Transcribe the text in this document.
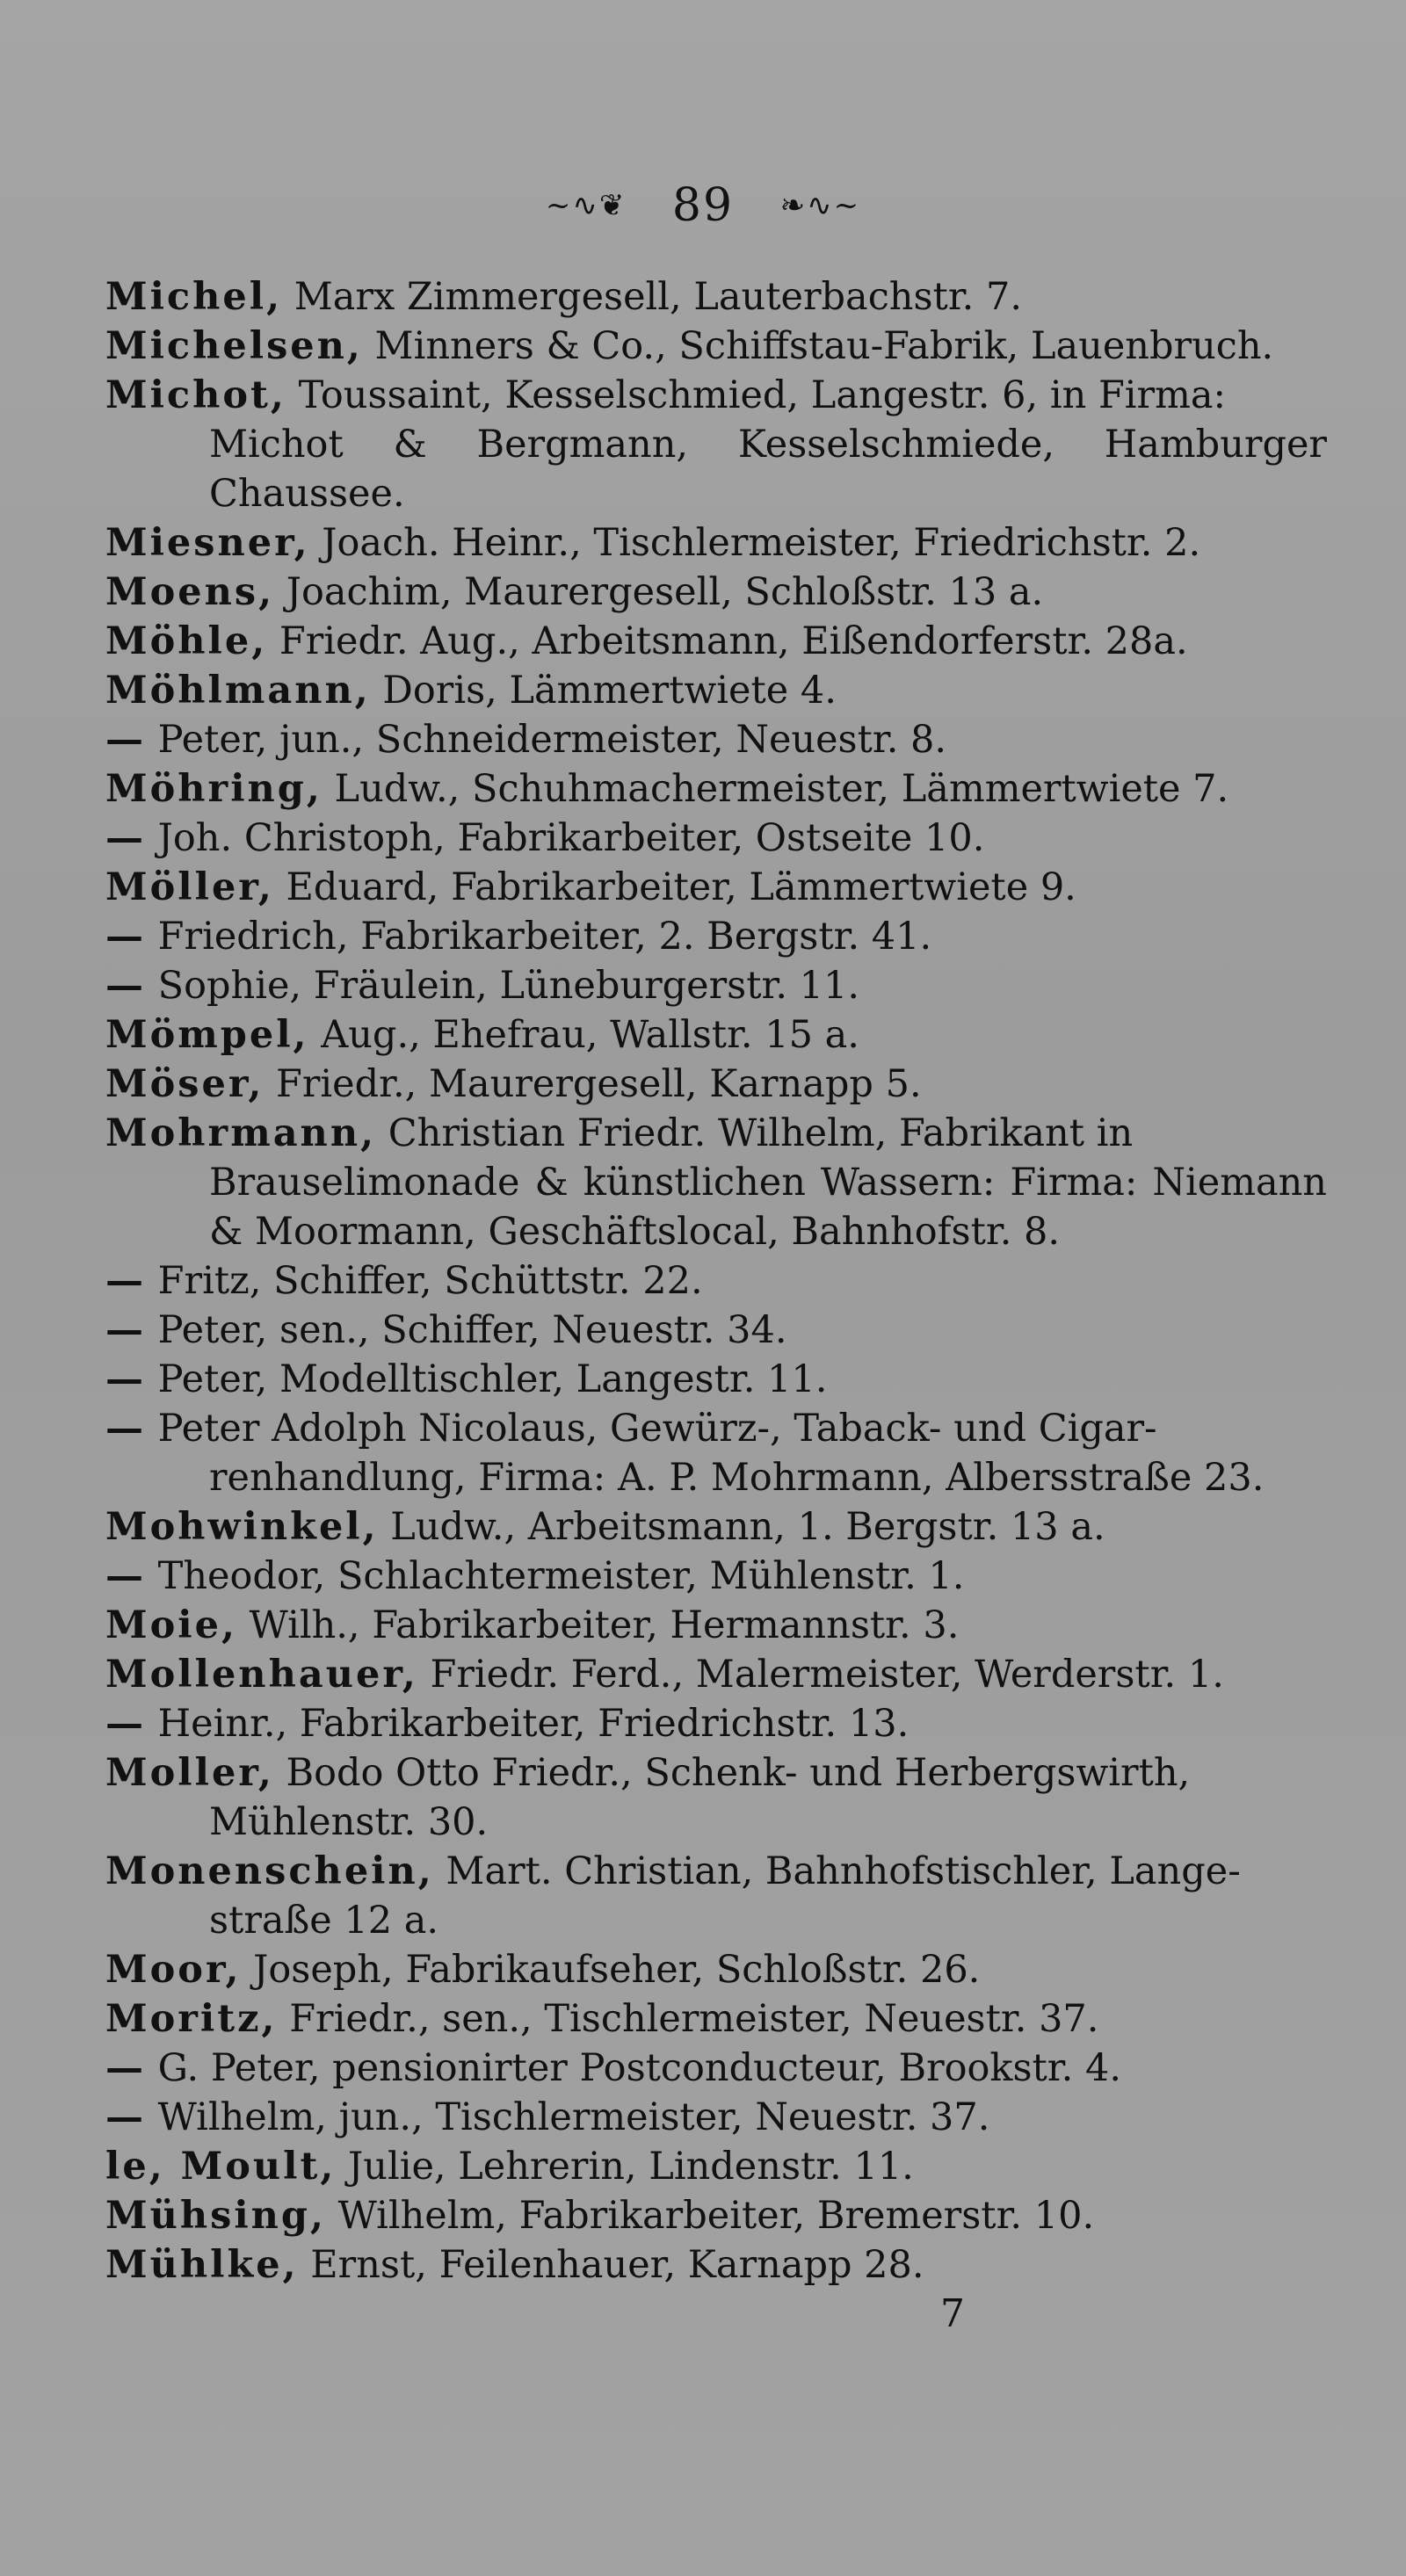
~∿❦ 89 ❧∿~
Michel, Marx Zimmergesell, Lauterbachstr. 7.
Michelsen, Minners & Co., Schiffstau-Fabrik, Lauenbruch.
Michot, Toussaint, Kesselschmied, Langestr. 6, in Firma:
Michot & Bergmann, Kesselschmiede, Hamburger Chaussee.
Miesner, Joach. Heinr., Tischlermeister, Friedrichstr. 2.
Moens, Joachim, Maurergesell, Schloßstr. 13 a.
Möhle, Friedr. Aug., Arbeitsmann, Eißendorferstr. 28a.
Möhlmann, Doris, Lämmertwiete 4.
— Peter, jun., Schneidermeister, Neuestr. 8.
Möhring, Ludw., Schuhmachermeister, Lämmertwiete 7.
— Joh. Christoph, Fabrikarbeiter, Ostseite 10.
Möller, Eduard, Fabrikarbeiter, Lämmertwiete 9.
— Friedrich, Fabrikarbeiter, 2. Bergstr. 41.
— Sophie, Fräulein, Lüneburgerstr. 11.
Mömpel, Aug., Ehefrau, Wallstr. 15 a.
Möser, Friedr., Maurergesell, Karnapp 5.
Mohrmann, Christian Friedr. Wilhelm, Fabrikant in
Brauselimonade & künstlichen Wassern: Firma: Niemann & Moormann, Geschäftslocal, Bahnhofstr. 8.
— Fritz, Schiffer, Schüttstr. 22.
— Peter, sen., Schiffer, Neuestr. 34.
— Peter, Modelltischler, Langestr. 11.
— Peter Adolph Nicolaus, Gewürz-, Taback- und Cigar-
renhandlung, Firma: A. P. Mohrmann, Albersstraße 23.
Mohwinkel, Ludw., Arbeitsmann, 1. Bergstr. 13 a.
— Theodor, Schlachtermeister, Mühlenstr. 1.
Moie, Wilh., Fabrikarbeiter, Hermannstr. 3.
Mollenhauer, Friedr. Ferd., Malermeister, Werderstr. 1.
— Heinr., Fabrikarbeiter, Friedrichstr. 13.
Moller, Bodo Otto Friedr., Schenk- und Herbergswirth,
Mühlenstr. 30.
Monenschein, Mart. Christian, Bahnhofstischler, Lange-
straße 12 a.
Moor, Joseph, Fabrikaufseher, Schloßstr. 26.
Moritz, Friedr., sen., Tischlermeister, Neuestr. 37.
— G. Peter, pensionirter Postconducteur, Brookstr. 4.
— Wilhelm, jun., Tischlermeister, Neuestr. 37.
le, Moult, Julie, Lehrerin, Lindenstr. 11.
Mühsing, Wilhelm, Fabrikarbeiter, Bremerstr. 10.
Mühlke, Ernst, Feilenhauer, Karnapp 28.
7
